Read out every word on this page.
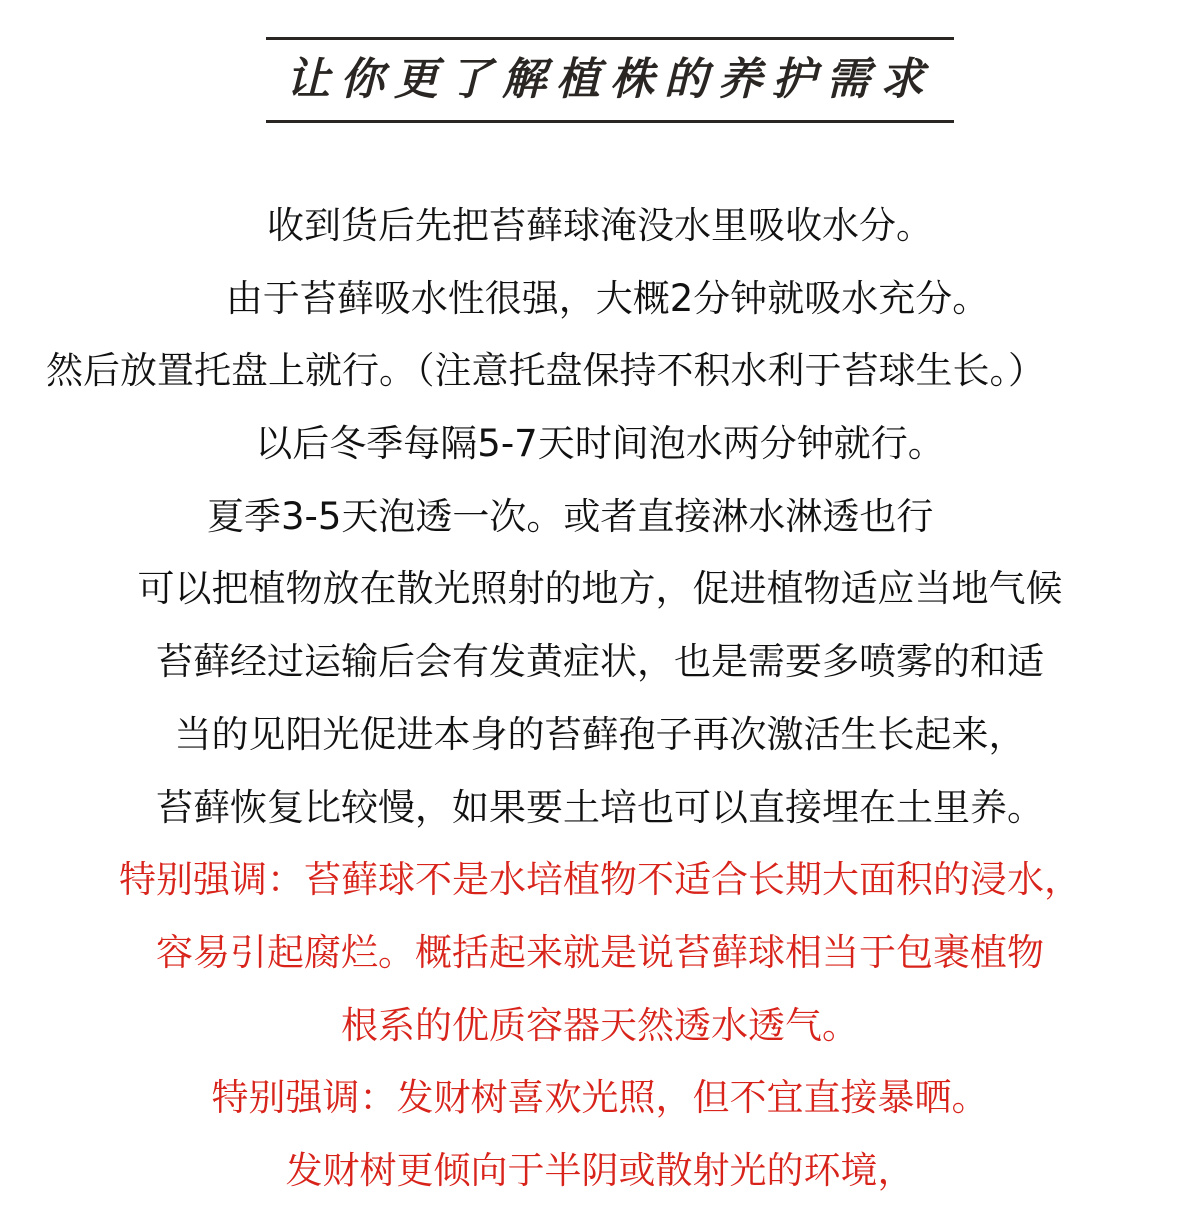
让你更了解植株的养护需求
收到货后先把苔藓球淹没水里吸收水分。
由于苔藓吸水性很强，大概2分钟就吸水充分。
然后放置托盘上就行。（注意托盘保持不积水利于苔球生长。）
以后冬季每隔5-7天时间泡水两分钟就行。
夏季3-5天泡透一次。或者直接淋水淋透也行
可以把植物放在散光照射的地方，促进植物适应当地气候
苔藓经过运输后会有发黄症状，也是需要多喷雾的和适
当的见阳光促进本身的苔藓孢子再次激活生长起来，
苔藓恢复比较慢，如果要土培也可以直接埋在土里养。
特别强调：苔藓球不是水培植物不适合长期大面积的浸水，
容易引起腐烂。概括起来就是说苔藓球相当于包裹植物
根系的优质容器天然透水透气。
特别强调：发财树喜欢光照，但不宜直接暴晒。
发财树更倾向于半阴或散射光的环境，
